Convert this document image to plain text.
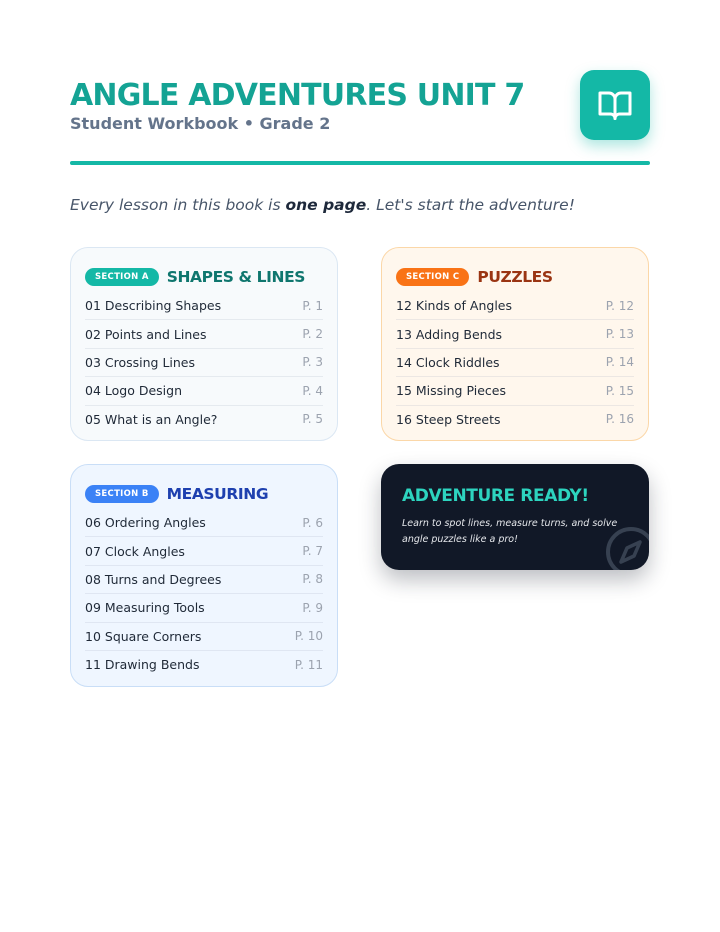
ANGLE ADVENTURES UNIT 7

Student Workbook • Grade 2

Every lesson in this book is one page. Let's start the adventure!

SECTION A	SHAPES & LINES
01 Describing Shapes	P. 1
02 Points and Lines	P. 2
03 Crossing Lines	P. 3
04 Logo Design	P. 4
05 What is an Angle?	P. 5
SECTION C	PUZZLES
12 Kinds of Angles	P. 12
13 Adding Bends	P. 13
14 Clock Riddles	P. 14
15 Missing Pieces	P. 15
16 Steep Streets	P. 16
SECTION B	MEASURING
06 Ordering Angles	P. 6
07 Clock Angles	P. 7
08 Turns and Degrees	P. 8
09 Measuring Tools	P. 9
10 Square Corners	P. 10
11 Drawing Bends	P. 11
ADVENTURE READY!

Learn to spot lines, measure turns, and solve angle puzzles like a pro!
